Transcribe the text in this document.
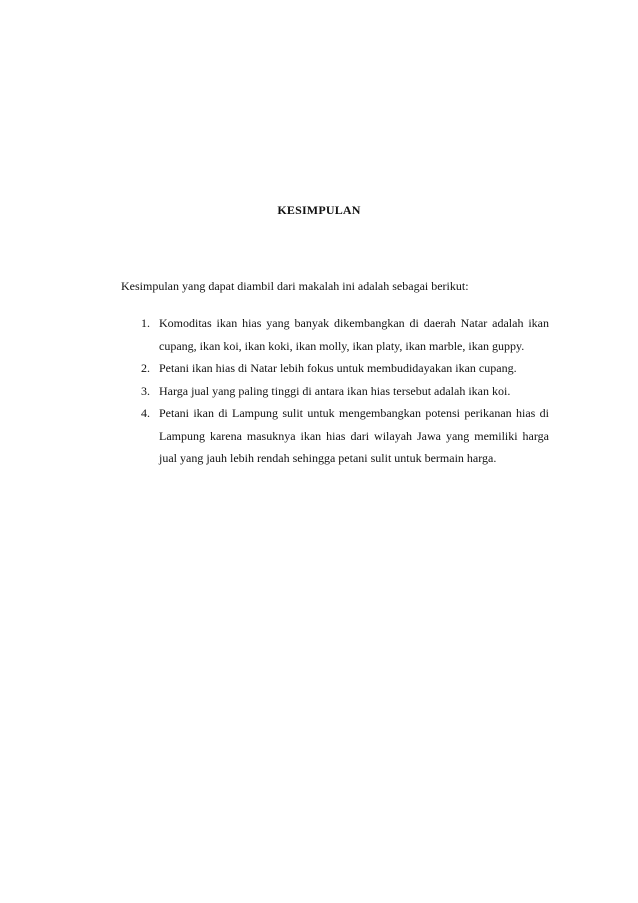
KESIMPULAN
Kesimpulan yang dapat diambil dari makalah ini adalah sebagai berikut:
1. Komoditas ikan hias yang banyak dikembangkan di daerah Natar adalah ikan cupang, ikan koi, ikan koki, ikan molly, ikan platy, ikan marble, ikan guppy.
2. Petani ikan hias di Natar lebih fokus untuk membudidayakan ikan cupang.
3. Harga jual yang paling tinggi di antara ikan hias tersebut adalah ikan koi.
4. Petani ikan di Lampung sulit untuk mengembangkan potensi perikanan hias di Lampung karena masuknya ikan hias dari wilayah Jawa yang memiliki harga jual yang jauh lebih rendah sehingga petani sulit untuk bermain harga.
